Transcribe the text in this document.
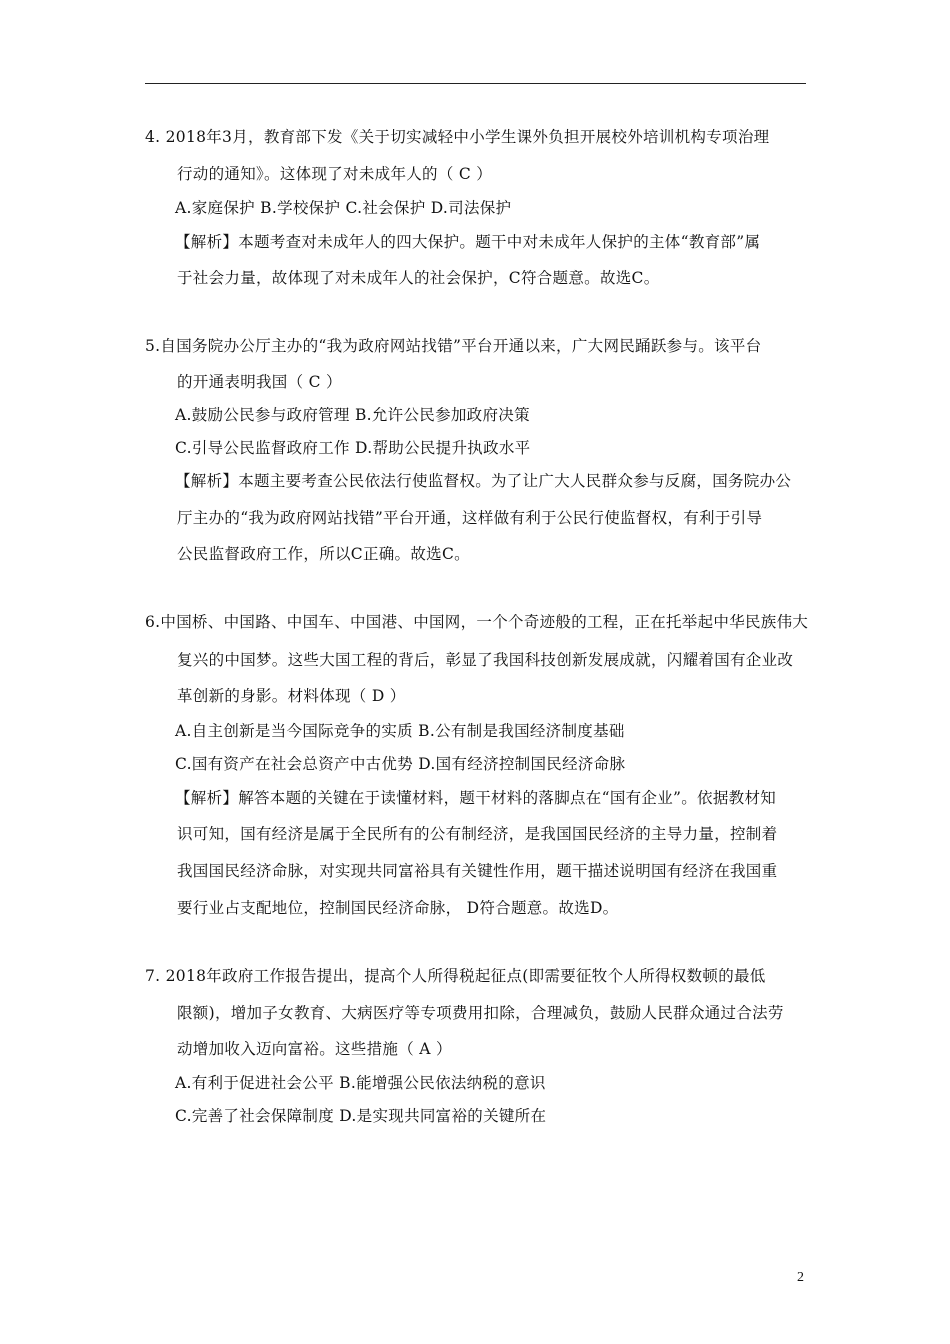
4. 2018年3月，教育部下发《关于切实减轻中小学生课外负担开展校外培训机构专项治理
行动的通知》。这体现了对未成年人的（ C ）
A.家庭保护 B.学校保护 C.社会保护 D.司法保护
【解析】本题考查对未成年人的四大保护。题干中对未成年人保护的主体“教育部”属
于社会力量，故体现了对未成年人的社会保护，C符合题意。故选C。
5.自国务院办公厅主办的“我为政府网站找错”平台开通以来，广大网民踊跃参与。该平台
的开通表明我国（ C ）
A.鼓励公民参与政府管理 B.允许公民参加政府决策
C.引导公民监督政府工作 D.帮助公民提升执政水平
【解析】本题主要考查公民依法行使监督权。为了让广大人民群众参与反腐，国务院办公
厅主办的“我为政府网站找错”平台开通，这样做有利于公民行使监督权，有利于引导
公民监督政府工作，所以C正确。故选C。
6.中国桥、中国路、中国车、中国港、中国网，一个个奇迹般的工程，正在托举起中华民族伟大
复兴的中国梦。这些大国工程的背后，彰显了我国科技创新发展成就，闪耀着国有企业改
革创新的身影。材料体现（ D ）
A.自主创新是当今国际竞争的实质 B.公有制是我国经济制度基础
C.国有资产在社会总资产中古优势 D.国有经济控制国民经济命脉
【解析】解答本题的关键在于读懂材料，题干材料的落脚点在“国有企业”。依据教材知
识可知，国有经济是属于全民所有的公有制经济，是我国国民经济的主导力量，控制着
我国国民经济命脉，对实现共同富裕具有关键性作用，题干描述说明国有经济在我国重
要行业占支配地位，控制国民经济命脉， D符合题意。故选D。
7. 2018年政府工作报告提出，提高个人所得税起征点(即需要征牧个人所得权数顿的最低
限额)，增加子女教育、大病医疗等专项费用扣除，合理减负，鼓励人民群众通过合法劳
动增加收入迈向富裕。这些措施（ A ）
A.有利于促进社会公平 B.能增强公民依法纳税的意识
C.完善了社会保障制度 D.是实现共同富裕的关键所在
2
